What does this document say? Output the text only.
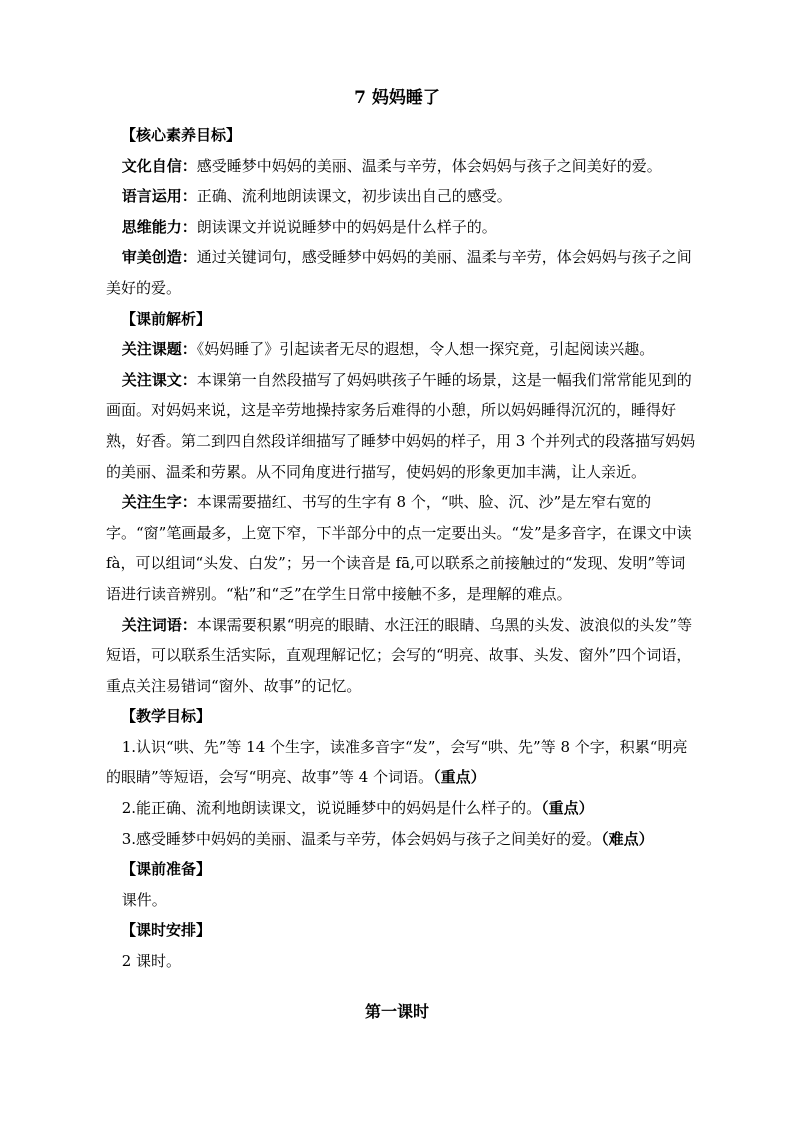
7 妈妈睡了

【核心素养目标】

文化自信：感受睡梦中妈妈的美丽、温柔与辛劳，体会妈妈与孩子之间美好的爱。

语言运用：正确、流利地朗读课文，初步读出自己的感受。

思维能力：朗读课文并说说睡梦中的妈妈是什么样子的。

审美创造：通过关键词句，感受睡梦中妈妈的美丽、温柔与辛劳，体会妈妈与孩子之间美好的爱。

【课前解析】

关注课题：《妈妈睡了》引起读者无尽的遐想，令人想一探究竟，引起阅读兴趣。

关注课文：本课第一自然段描写了妈妈哄孩子午睡的场景，这是一幅我们常常能见到的画面。对妈妈来说，这是辛劳地操持家务后难得的小憩，所以妈妈睡得沉沉的，睡得好熟，好香。第二到四自然段详细描写了睡梦中妈妈的样子，用 3 个并列式的段落描写妈妈的美丽、温柔和劳累。从不同角度进行描写，使妈妈的形象更加丰满，让人亲近。

关注生字：本课需要描红、书写的生字有 8 个，“哄、脸、沉、沙”是左窄右宽的字。“窗”笔画最多，上宽下窄，下半部分中的点一定要出头。“发”是多音字，在课文中读 fà，可以组词“头发、白发”；另一个读音是 fā,可以联系之前接触过的“发现、发明”等词语进行读音辨别。“粘”和“乏”在学生日常中接触不多，是理解的难点。

关注词语：本课需要积累“明亮的眼睛、水汪汪的眼睛、乌黑的头发、波浪似的头发”等短语，可以联系生活实际，直观理解记忆；会写的“明亮、故事、头发、窗外”四个词语，重点关注易错词“窗外、故事”的记忆。

【教学目标】

1.认识“哄、先”等 14 个生字，读准多音字“发”，会写“哄、先”等 8 个字，积累“明亮的眼睛”等短语，会写“明亮、故事”等 4 个词语。（重点）

2.能正确、流利地朗读课文，说说睡梦中的妈妈是什么样子的。（重点）

3.感受睡梦中妈妈的美丽、温柔与辛劳，体会妈妈与孩子之间美好的爱。（难点）

【课前准备】

课件。

【课时安排】

2 课时。

第一课时
